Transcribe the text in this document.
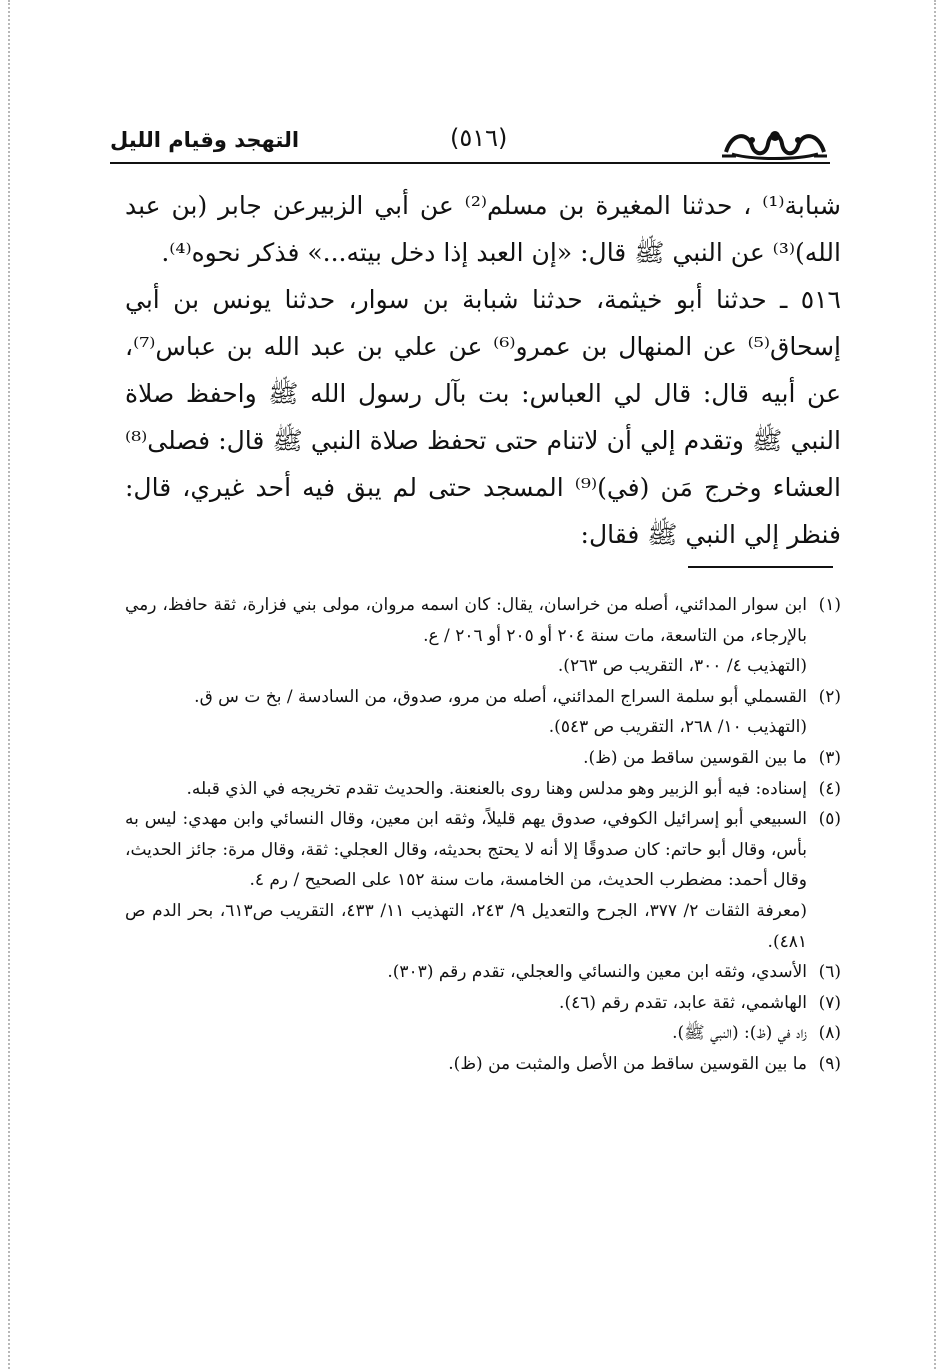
التهجد وقيام الليل	(٥١٦)

شبابة⁽¹⁾ ، حدثنا المغيرة بن مسلم⁽²⁾ عن أبي الزبيرعن جابر (بن عبد الله)⁽³⁾ عن النبي ﷺ قال: «إن العبد إذا دخل بيته...» فذكر نحوه⁽⁴⁾.

٥١٦ ـ حدثنا أبو خيثمة، حدثنا شبابة بن سوار، حدثنا يونس بن أبي إسحاق⁽⁵⁾ عن المنهال بن عمرو⁽⁶⁾ عن علي بن عبد الله بن عباس⁽⁷⁾، عن أبيه قال: قال لي العباس: بت بآل رسول الله ﷺ واحفظ صلاة النبي ﷺ وتقدم إلي أن لاتنام حتى تحفظ صلاة النبي ﷺ قال: فصلى⁽⁸⁾ العشاء وخرج مَن (في)⁽⁹⁾ المسجد حتى لم يبق فيه أحد غيري، قال: فنظر إلي النبي ﷺ فقال:

(١)
ابن سوار المدائني، أصله من خراسان، يقال: كان اسمه مروان، مولى بني فزارة، ثقة حافظ، رمي بالإرجاء، من التاسعة، مات سنة ٢٠٤ أو ٢٠٥ أو ٢٠٦ / ع.
(التهذيب ٤/ ٣٠٠، التقريب ص ٢٦٣).
(٢)
القسملي أبو سلمة السراج المدائني، أصله من مرو، صدوق، من السادسة / بخ ت س ق.
(التهذيب ١٠/ ٢٦٨، التقريب ص ٥٤٣).
(٣)
ما بين القوسين ساقط من (ظ).
(٤)
إسناده: فيه أبو الزبير وهو مدلس وهنا روى بالعنعنة. والحديث تقدم تخريجه في الذي قبله.
(٥)
السبيعي أبو إسرائيل الكوفي، صدوق يهم قليلاً، وثقه ابن معين، وقال النسائي وابن مهدي: ليس به بأس، وقال أبو حاتم: كان صدوقًا إلا أنه لا يحتج بحديثه، وقال العجلي: ثقة، وقال مرة: جائز الحديث، وقال أحمد: مضطرب الحديث، من الخامسة، مات سنة ١٥٢ على الصحيح / رم ٤.
(معرفة الثقات ٢/ ٣٧٧، الجرح والتعديل ٩/ ٢٤٣، التهذيب ١١/ ٤٣٣، التقريب ص٦١٣، بحر الدم ص ٤٨١).
(٦)
الأسدي، وثقه ابن معين والنسائي والعجلي، تقدم رقم (٣٠٣).
(٧)
الهاشمي، ثقة عابد، تقدم رقم (٤٦).
(٨)
زاد في (ظ): (النبي ﷺ).
(٩)
ما بين القوسين ساقط من الأصل والمثبت من (ظ).
